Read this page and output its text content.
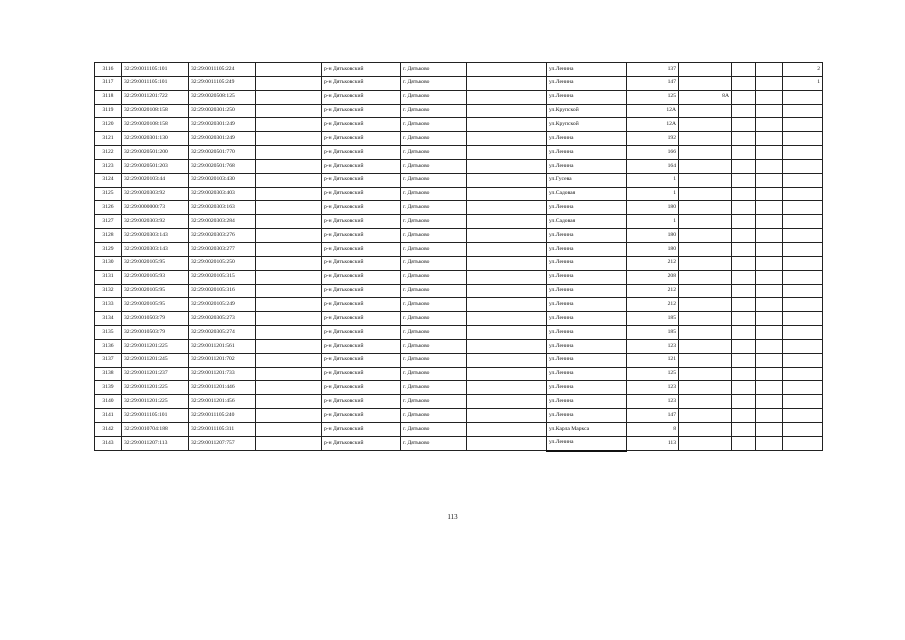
3116	32:29:0011105:101	32:29:0011105:224		р-н Дятьковский	г. Дятьково		ул.Ленина	137				2
3117	32:29:0011105:101	32:29:0011105:249		р-н Дятьковский	г. Дятьково		ул.Ленина	147				1
3118	32:29:0011201:722	32:29:0020508:125		р-н Дятьковский	г. Дятьково		ул.Ленина	125	8А			
3119	32:29:0020108:158	32:29:0020301:250		р-н Дятьковский	г. Дятьково		ул.Крупской	12А				
3120	32:29:0020108:158	32:29:0020301:249		р-н Дятьковский	г. Дятьково		ул.Крупской	12А				
3121	32:29:0020301:130	32:29:0020301:249		р-н Дятьковский	г. Дятьково		ул.Ленина	192				
3122	32:29:0020501:200	32:29:0020501:770		р-н Дятьковский	г. Дятьково		ул.Ленина	166				
3123	32:29:0020501:203	32:29:0020501:768		р-н Дятьковский	г. Дятьково		ул.Ленина	164				
3124	32:29:0020103:44	32:29:0020103:430		р-н Дятьковский	г. Дятьково		ул.Гусева	1				
3125	32:29:0020303:92	32:29:0020303:403		р-н Дятьковский	г. Дятьково		ул.Садовая	1				
3126	32:29:0000000:73	32:29:0020303:163		р-н Дятьковский	г. Дятьково		ул.Ленина	180				
3127	32:29:0020303:92	32:29:0020303:284		р-н Дятьковский	г. Дятьково		ул.Садовая	1				
3128	32:29:0020303:143	32:29:0020303:276		р-н Дятьковский	г. Дятьково		ул.Ленина	180				
3129	32:29:0020303:143	32:29:0020303:277		р-н Дятьковский	г. Дятьково		ул.Ленина	180				
3130	32:29:0020105:95	32:29:0020105:250		р-н Дятьковский	г. Дятьково		ул.Ленина	212				
3131	32:29:0020105:93	32:29:0020105:315		р-н Дятьковский	г. Дятьково		ул.Ленина	208				
3132	32:29:0020105:95	32:29:0020105:316		р-н Дятьковский	г. Дятьково		ул.Ленина	212				
3133	32:29:0020105:95	32:29:0020105:249		р-н Дятьковский	г. Дятьково		ул.Ленина	212				
3134	32:29:0010503:79	32:29:0020305:273		р-н Дятьковский	г. Дятьково		ул.Ленина	185				
3135	32:29:0010503:79	32:29:0020305:274		р-н Дятьковский	г. Дятьково		ул.Ленина	185				
3136	32:29:0011201:225	32:29:0011201:561		р-н Дятьковский	г. Дятьково		ул.Ленина	123				
3137	32:29:0011201:245	32:29:0011201:702		р-н Дятьковский	г. Дятьково		ул.Ленина	121				
3138	32:29:0011201:237	32:29:0011201:733		р-н Дятьковский	г. Дятьково		ул.Ленина	125				
3139	32:29:0011201:225	32:29:0011201:446		р-н Дятьковский	г. Дятьково		ул.Ленина	123				
3140	32:29:0011201:225	32:29:0011201:456		р-н Дятьковский	г. Дятьково		ул.Ленина	123				
3141	32:29:0011105:101	32:29:0011105:240		р-н Дятьковский	г. Дятьково		ул.Ленина	147				
3142	32:29:0010704:188	32:29:0011105:311		р-н Дятьковский	г. Дятьково		ул.Карла Маркса	8				
3143	32:29:0011207:113	32:29:0011207:757		р-н Дятьковский	г. Дятьково		ул.Ленина	113				
113
